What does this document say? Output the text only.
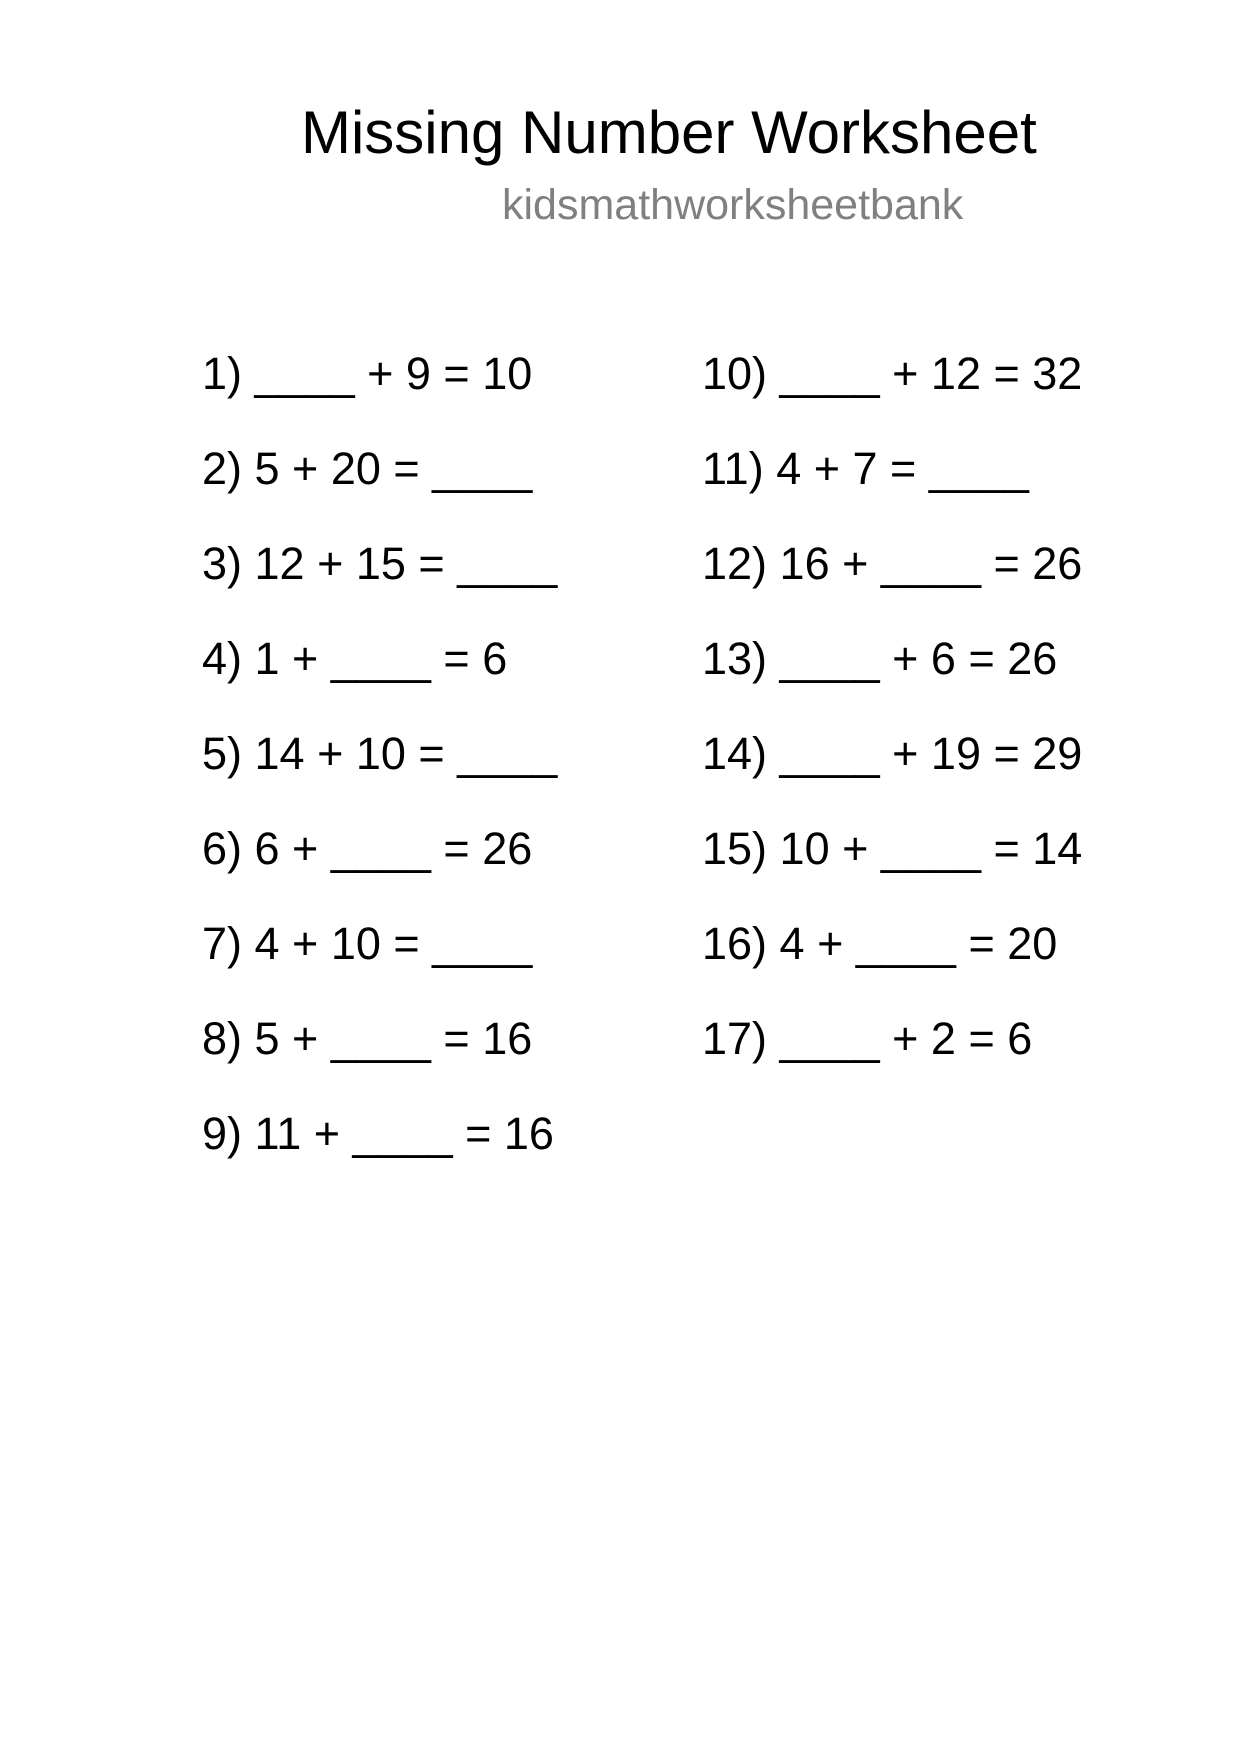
Missing Number Worksheet
kidsmathworksheetbank
1) ____ + 9 = 10
2) 5 + 20 = ____
3) 12 + 15 = ____
4) 1 + ____ = 6
5) 14 + 10 = ____
6) 6 + ____ = 26
7) 4 + 10 = ____
8) 5 + ____ = 16
9) 11 + ____ = 16
10) ____ + 12 = 32
11) 4 + 7 = ____
12) 16 + ____ = 26
13) ____ + 6 = 26
14) ____ + 19 = 29
15) 10 + ____ = 14
16) 4 + ____ = 20
17) ____ + 2 = 6
